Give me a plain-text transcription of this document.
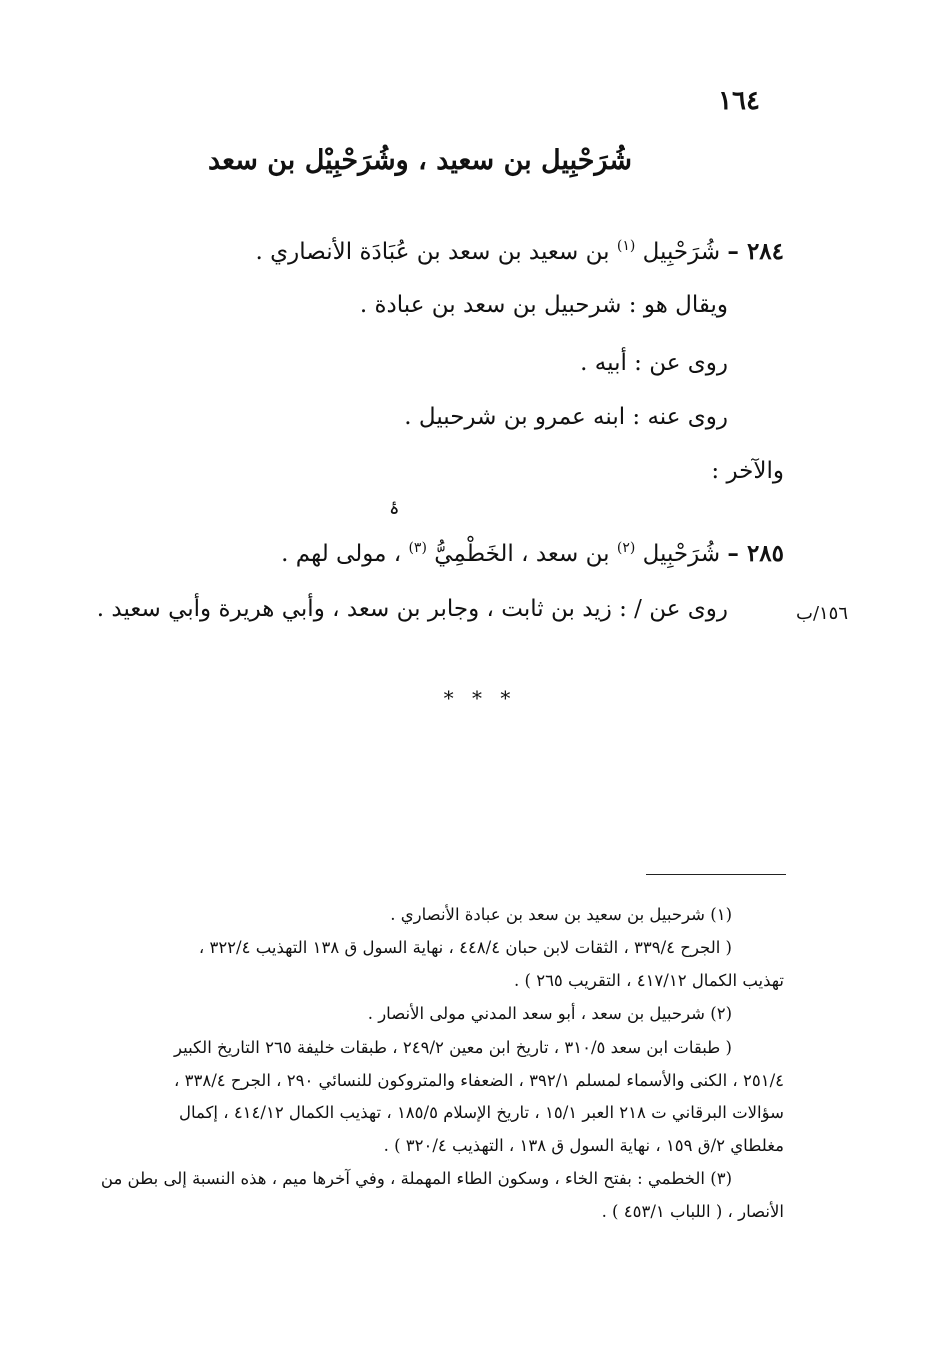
١٦٤
شُرَحْبِيل بن سعيد ، وشُرَحْبِيْل بن سعد
٢٨٤ – شُرَحْبِيل $^{(١)}$ بن سعيد بن سعد بن عُبَادَة الأنصاري .
ويقال هو : شرحبيل بن سعد بن عبادة .
روى عن : أبيه .
روى عنه : ابنه عمرو بن شرحبيل .
والآخر :
ۀ
٢٨٥ – شُرَحْبِيل $^{(٢)}$ بن سعد ، الخَطْمِيُّ $^{(٣)}$ ، مولى لهم .
روى عن / : زيد بن ثابت ، وجابر بن سعد ، وأبي هريرة وأبي سعيد .	١٥٦/ب
* * *
(١) شرحبيل بن سعيد بن سعد بن عبادة الأنصاري .
( الجرح ٣٣٩/٤ ، الثقات لابن حبان ٤٤٨/٤ ، نهاية السول ق ١٣٨ التهذيب ٣٢٢/٤ ،
تهذيب الكمال ٤١٧/١٢ ، التقريب ٢٦٥ ) .
(٢) شرحبيل بن سعد ، أبو سعد المدني مولى الأنصار .
( طبقات ابن سعد ٣١٠/٥ ، تاريخ ابن معين ٢٤٩/٢ ، طبقات خليفة ٢٦٥ التاريخ الكبير
٢٥١/٤ ، الكنى والأسماء لمسلم ٣٩٢/١ ، الضعفاء والمتروكون للنسائي ٢٩٠ ، الجرح ٣٣٨/٤ ،
سؤالات البرقاني ت ٢١٨ العبر ١٥/١ ، تاريخ الإسلام ١٨٥/٥ ، تهذيب الكمال ٤١٤/١٢ ، إكمال
مغلطاي ٢/ق ١٥٩ ، نهاية السول ق ١٣٨ ، التهذيب ٣٢٠/٤ ) .
(٣) الخطمي : بفتح الخاء ، وسكون الطاء المهملة ، وفي آخرها ميم ، هذه النسبة إلى بطن من
الأنصار ، ( اللباب ٤٥٣/١ ) .
